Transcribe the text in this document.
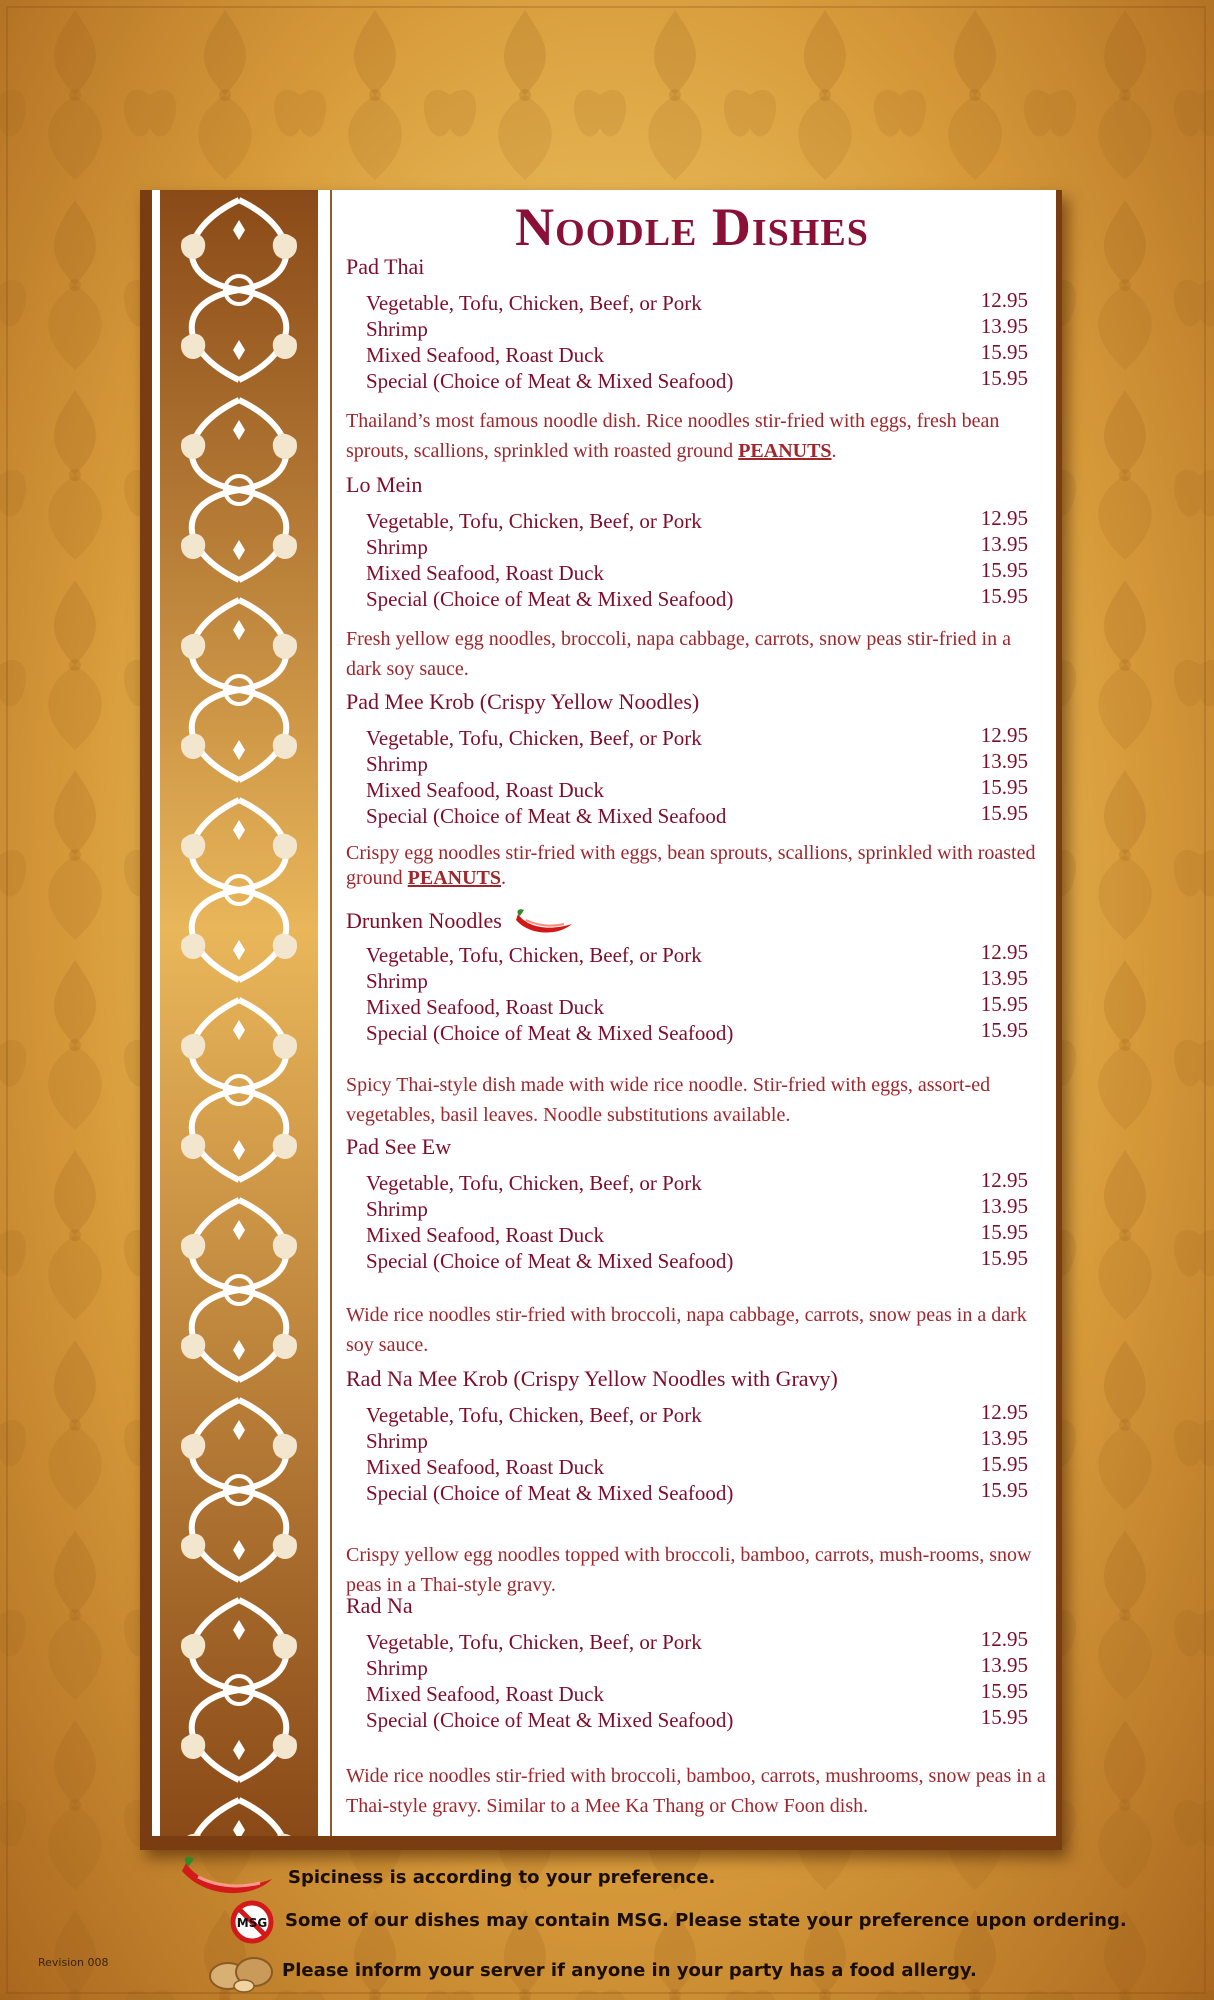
Noodle Dishes
Pad Thai
Vegetable, Tofu, Chicken, Beef, or Pork	12.95
Shrimp	13.95
Mixed Seafood, Roast Duck	15.95
Special (Choice of Meat & Mixed Seafood)	15.95
Thailand’s most famous noodle dish. Rice noodles stir-fried with eggs, fresh bean sprouts, scallions, sprinkled with roasted ground PEANUTS.
Lo Mein
Vegetable, Tofu, Chicken, Beef, or Pork	12.95
Shrimp	13.95
Mixed Seafood, Roast Duck	15.95
Special (Choice of Meat & Mixed Seafood)	15.95
Fresh yellow egg noodles, broccoli, napa cabbage, carrots, snow peas stir-fried in a dark soy sauce.
Pad Mee Krob (Crispy Yellow Noodles)
Vegetable, Tofu, Chicken, Beef, or Pork	12.95
Shrimp	13.95
Mixed Seafood, Roast Duck	15.95
Special (Choice of Meat & Mixed Seafood	15.95
Crispy egg noodles stir-fried with eggs, bean sprouts, scallions, sprinkled with roasted ground PEANUTS.
Drunken Noodles
Vegetable, Tofu, Chicken, Beef, or Pork	12.95
Shrimp	13.95
Mixed Seafood, Roast Duck	15.95
Special (Choice of Meat & Mixed Seafood)	15.95
Spicy Thai-style dish made with wide rice noodle. Stir-fried with eggs, assort-ed vegetables, basil leaves. Noodle substitutions available.
Pad See Ew
Vegetable, Tofu, Chicken, Beef, or Pork	12.95
Shrimp	13.95
Mixed Seafood, Roast Duck	15.95
Special (Choice of Meat & Mixed Seafood)	15.95
Wide rice noodles stir-fried with broccoli, napa cabbage, carrots, snow peas in a dark soy sauce.
Rad Na Mee Krob (Crispy Yellow Noodles with Gravy)
Vegetable, Tofu, Chicken, Beef, or Pork	12.95
Shrimp	13.95
Mixed Seafood, Roast Duck	15.95
Special (Choice of Meat & Mixed Seafood)	15.95
Crispy yellow egg noodles topped with broccoli, bamboo, carrots, mush-rooms, snow peas in a Thai-style gravy.
Rad Na
Vegetable, Tofu, Chicken, Beef, or Pork	12.95
Shrimp	13.95
Mixed Seafood, Roast Duck	15.95
Special (Choice of Meat & Mixed Seafood)	15.95
Wide rice noodles stir-fried with broccoli, bamboo, carrots, mushrooms, snow peas in a Thai-style gravy. Similar to a Mee Ka Thang or Chow Foon dish.
Spiciness is according to your preference.
MSG Some of our dishes may contain MSG. Please state your preference upon ordering.
Please inform your server if anyone in your party has a food allergy.
Revision 008
